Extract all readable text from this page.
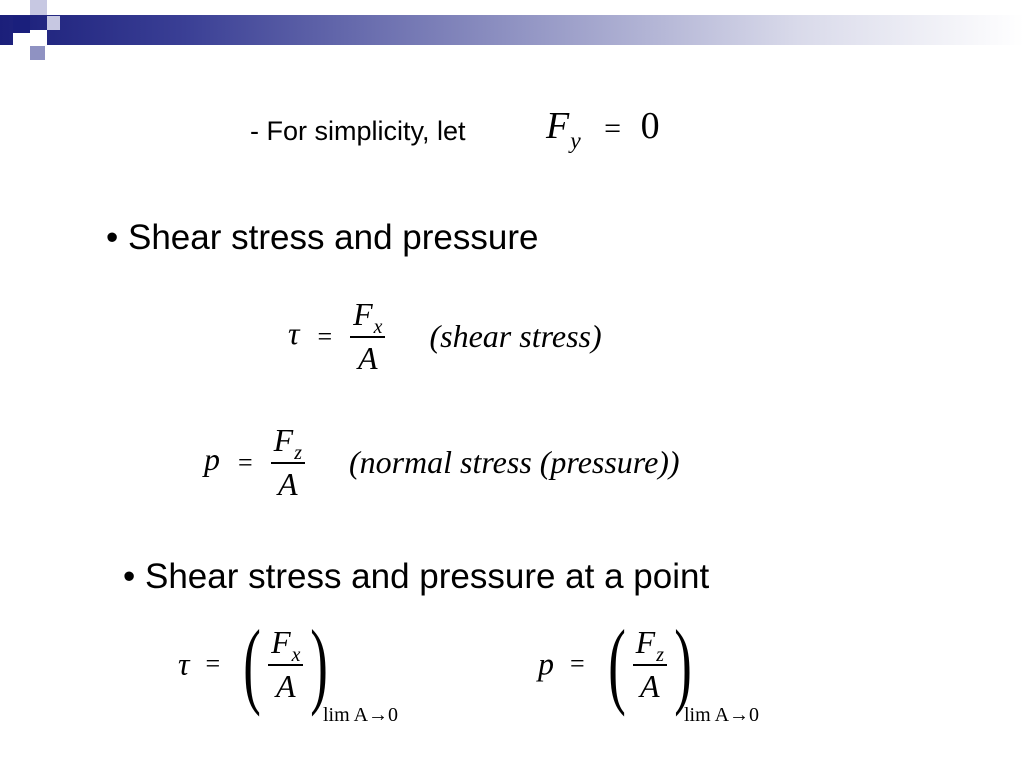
- For simplicity, let $F_y = 0$
• Shear stress and pressure
$\tau = \frac{F_x}{A}$ (shear stress)
$p = \frac{F_z}{A}$ (normal stress (pressure))
• Shear stress and pressure at a point
τ = ( $\frac{F_x}{A}$ )
lim A→0
p = ( $\frac{F_z}{A}$ )
lim A→0
